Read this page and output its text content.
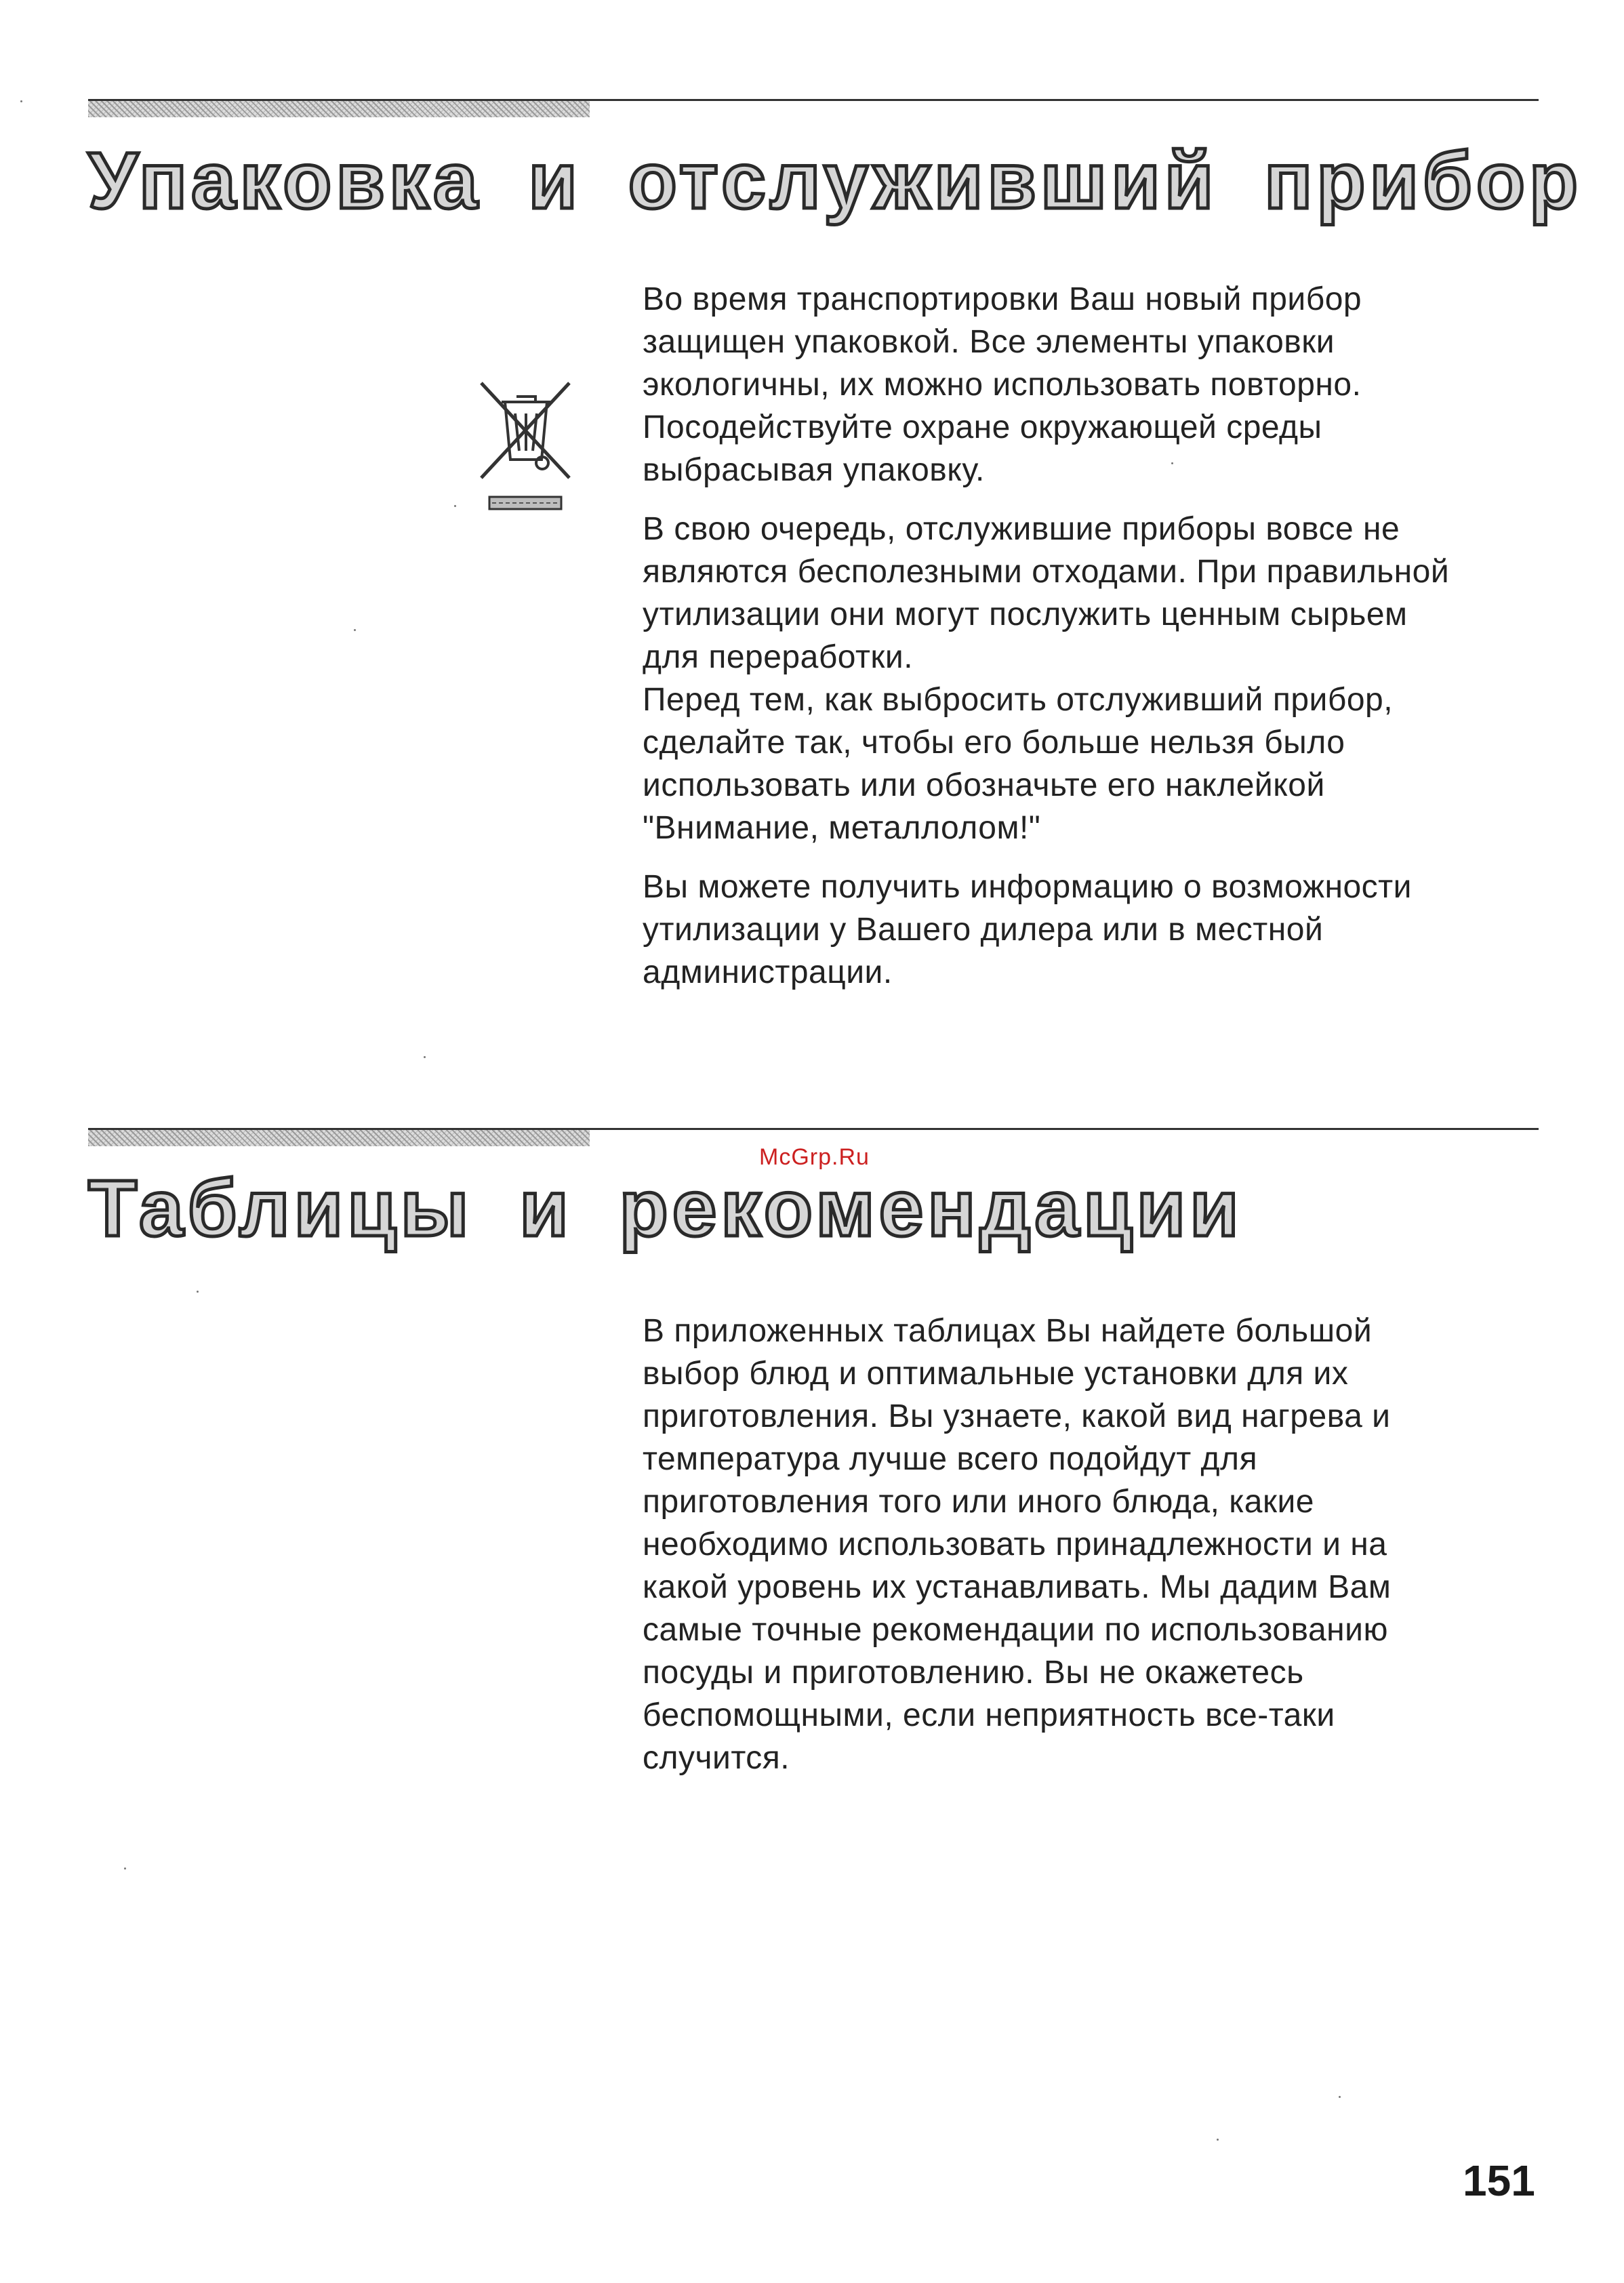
Упаковка и отслуживший прибор

Во время транспортировки Ваш новый прибор
защищен упаковкой. Все элементы упаковки
экологичны, их можно использовать повторно.
Посодействуйте охране окружающей среды
выбрасывая упаковку.

В свою очередь, отслужившие приборы вовсе не
являются бесполезными отходами. При правильной
утилизации они могут послужить ценным сырьем
для переработки.
Перед тем, как выбросить отслуживший прибор,
сделайте так, чтобы его больше нельзя было
использовать или обозначьте его наклейкой
"Внимание, металлолом!"

Вы можете получить информацию о возможности
утилизации у Вашего дилера или в местной
администрации.

McGrp.Ru
Таблицы и рекомендации

В приложенных таблицах Вы найдете большой
выбор блюд и оптимальные установки для их
приготовления. Вы узнаете, какой вид нагрева и
температура лучше всего подойдут для
приготовления того или иного блюда, какие
необходимо использовать принадлежности и на
какой уровень их устанавливать. Мы дадим Вам
самые точные рекомендации по использованию
посуды и приготовлению. Вы не окажетесь
беспомощными, если неприятность все-таки
случится.

151
